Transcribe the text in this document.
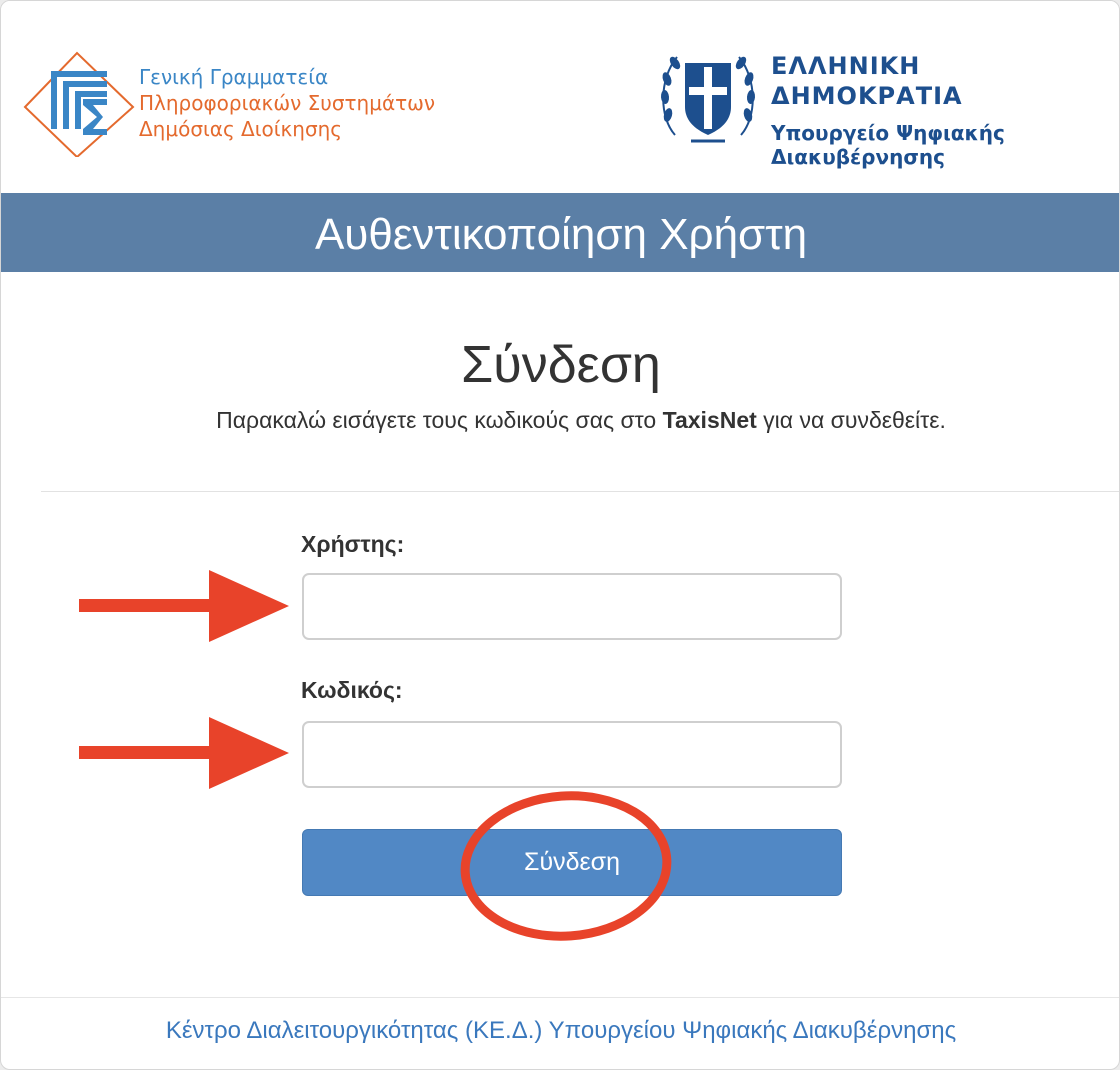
Γενική Γραμματεία
Πληροφοριακών Συστημάτων
Δημόσιας Διοίκησης
ΕΛΛΗΝΙΚΗ ΔΗΜΟΚΡΑΤΙΑ
Υπουργείο Ψηφιακής
Διακυβέρνησης
Αυθεντικοποίηση Χρήστη
Σύνδεση
Παρακαλώ εισάγετε τους κωδικούς σας στο TaxisNet για να συνδεθείτε.
Χρήστης:
Κωδικός:
Σύνδεση
Κέντρο Διαλειτουργικότητας (ΚΕ.Δ.) Υπουργείου Ψηφιακής Διακυβέρνησης
